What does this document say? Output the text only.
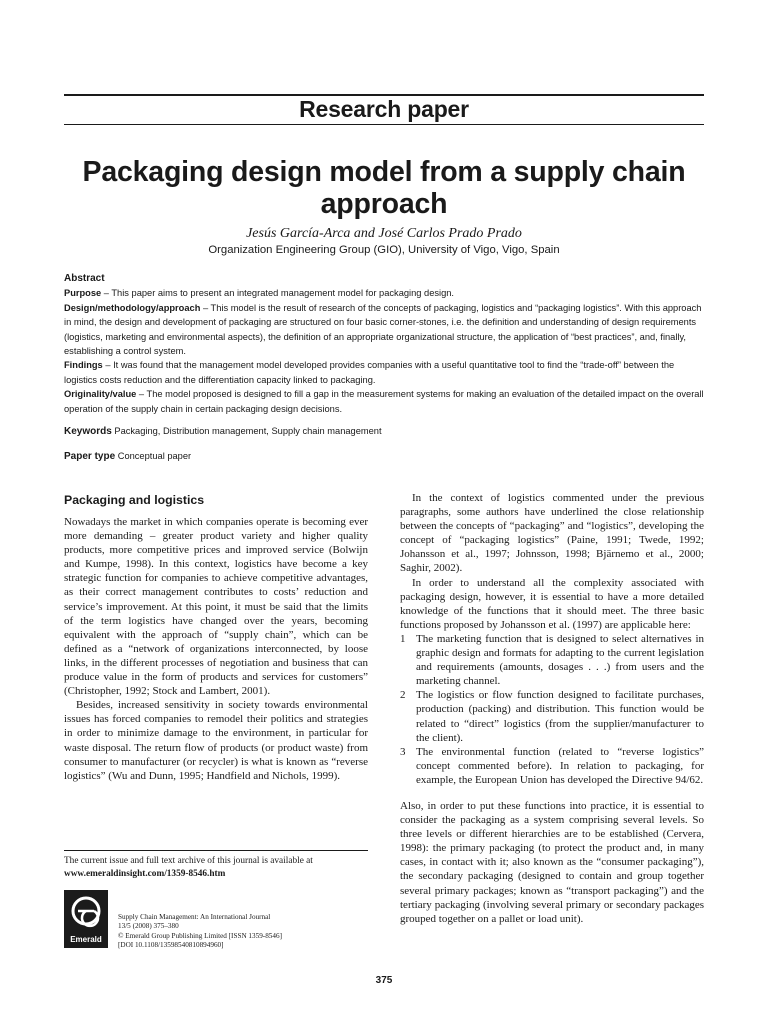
Research paper
Packaging design model from a supply chain approach
Jesús García-Arca and José Carlos Prado Prado
Organization Engineering Group (GIO), University of Vigo, Vigo, Spain

Abstract

Purpose – This paper aims to present an integrated management model for packaging design.

Design/methodology/approach – This model is the result of research of the concepts of packaging, logistics and “packaging logistics”. With this approach in mind, the design and development of packaging are structured on four basic corner-stones, i.e. the definition and understanding of design requirements (logistics, marketing and environmental aspects), the definition of an appropriate organizational structure, the application of “best practices”, and, finally, establishing a control system.

Findings – It was found that the management model developed provides companies with a useful quantitative tool to find the “trade-off” between the logistics costs reduction and the differentiation capacity linked to packaging.

Originality/value – The model proposed is designed to fill a gap in the measurement systems for making an evaluation of the detailed impact on the overall operation of the supply chain in certain packaging design decisions.

Keywords Packaging, Distribution management, Supply chain management
Paper type Conceptual paper
Packaging and logistics

Nowadays the market in which companies operate is becoming ever more demanding – greater product variety and higher quality products, more competitive prices and improved service (Bolwijn and Kumpe, 1998). In this context, logistics have become a key strategic function for companies to achieve competitive advantages, as their correct management contributes to costs’ reduction and service’s improvement. At this point, it must be said that the limits of the term logistics have changed over the years, becoming equivalent with the approach of “supply chain”, which can be defined as a “network of organizations interconnected, by loose links, in the different processes of negotiation and business that can produce value in the form of products and services for customers” (Christopher, 1992; Stock and Lambert, 2001).

Besides, increased sensitivity in society towards environmental issues has forced companies to remodel their politics and strategies in order to minimize damage to the environment, in particular for waste disposal. The return flow of products (or product waste) from consumer to manufacturer (or recycler) is what is known as “reverse logistics” (Wu and Dunn, 1995; Handfield and Nichols, 1999).

The current issue and full text archive of this journal is available at
www.emeraldinsight.com/1359-8546.htm
Emerald
Supply Chain Management: An International Journal
13/5 (2008) 375–380
© Emerald Group Publishing Limited [ISSN 1359-8546]
[DOI 10.1108/13598540810894960]

In the context of logistics commented under the previous paragraphs, some authors have underlined the close relationship between the concepts of “packaging” and “logistics”, developing the concept of “packaging logistics” (Paine, 1991; Twede, 1992; Johansson et al., 1997; Johnsson, 1998; Bjärnemo et al., 2000; Saghir, 2002).

In order to understand all the complexity associated with packaging design, however, it is essential to have a more detailed knowledge of the functions that it should meet. The three basic functions proposed by Johansson et al. (1997) are applicable here:

1 The marketing function that is designed to select alternatives in graphic design and formats for adapting to the current legislation and requirements (amounts, dosages . . .) from users and the marketing channel.
2 The logistics or flow function designed to facilitate purchases, production (packing) and distribution. This function would be related to “direct” logistics (from the supplier/manufacturer to the client).
3 The environmental function (related to “reverse logistics” concept commented before). In relation to packaging, for example, the European Union has developed the Directive 94/62.

Also, in order to put these functions into practice, it is essential to consider the packaging as a system comprising several levels. So three levels or different hierarchies are to be established (Cervera, 1998): the primary packaging (to protect the product and, in many cases, in contact with it; also known as the “consumer packaging”), the secondary packaging (designed to contain and group together several primary packages; known as “transport packaging”) and the tertiary packaging (involving several primary or secondary packages grouped together on a pallet or load unit).

375
